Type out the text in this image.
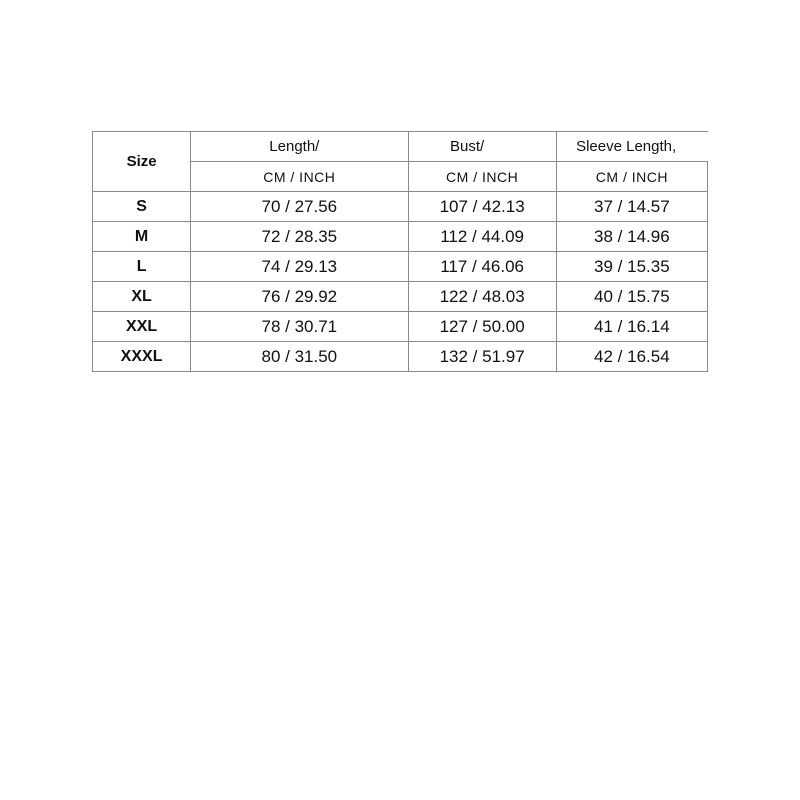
Size	Length/	Bust/	Sleeve Length,
	CM / INCH	CM / INCH	CM / INCH
S	70 / 27.56	107 / 42.13	37 / 14.57
M	72 / 28.35	112 / 44.09	38 / 14.96
L	74 / 29.13	117 / 46.06	39 / 15.35
XL	76 / 29.92	122 / 48.03	40 / 15.75
XXL	78 / 30.71	127 / 50.00	41 / 16.14
XXXL	80 / 31.50	132 / 51.97	42 / 16.54
